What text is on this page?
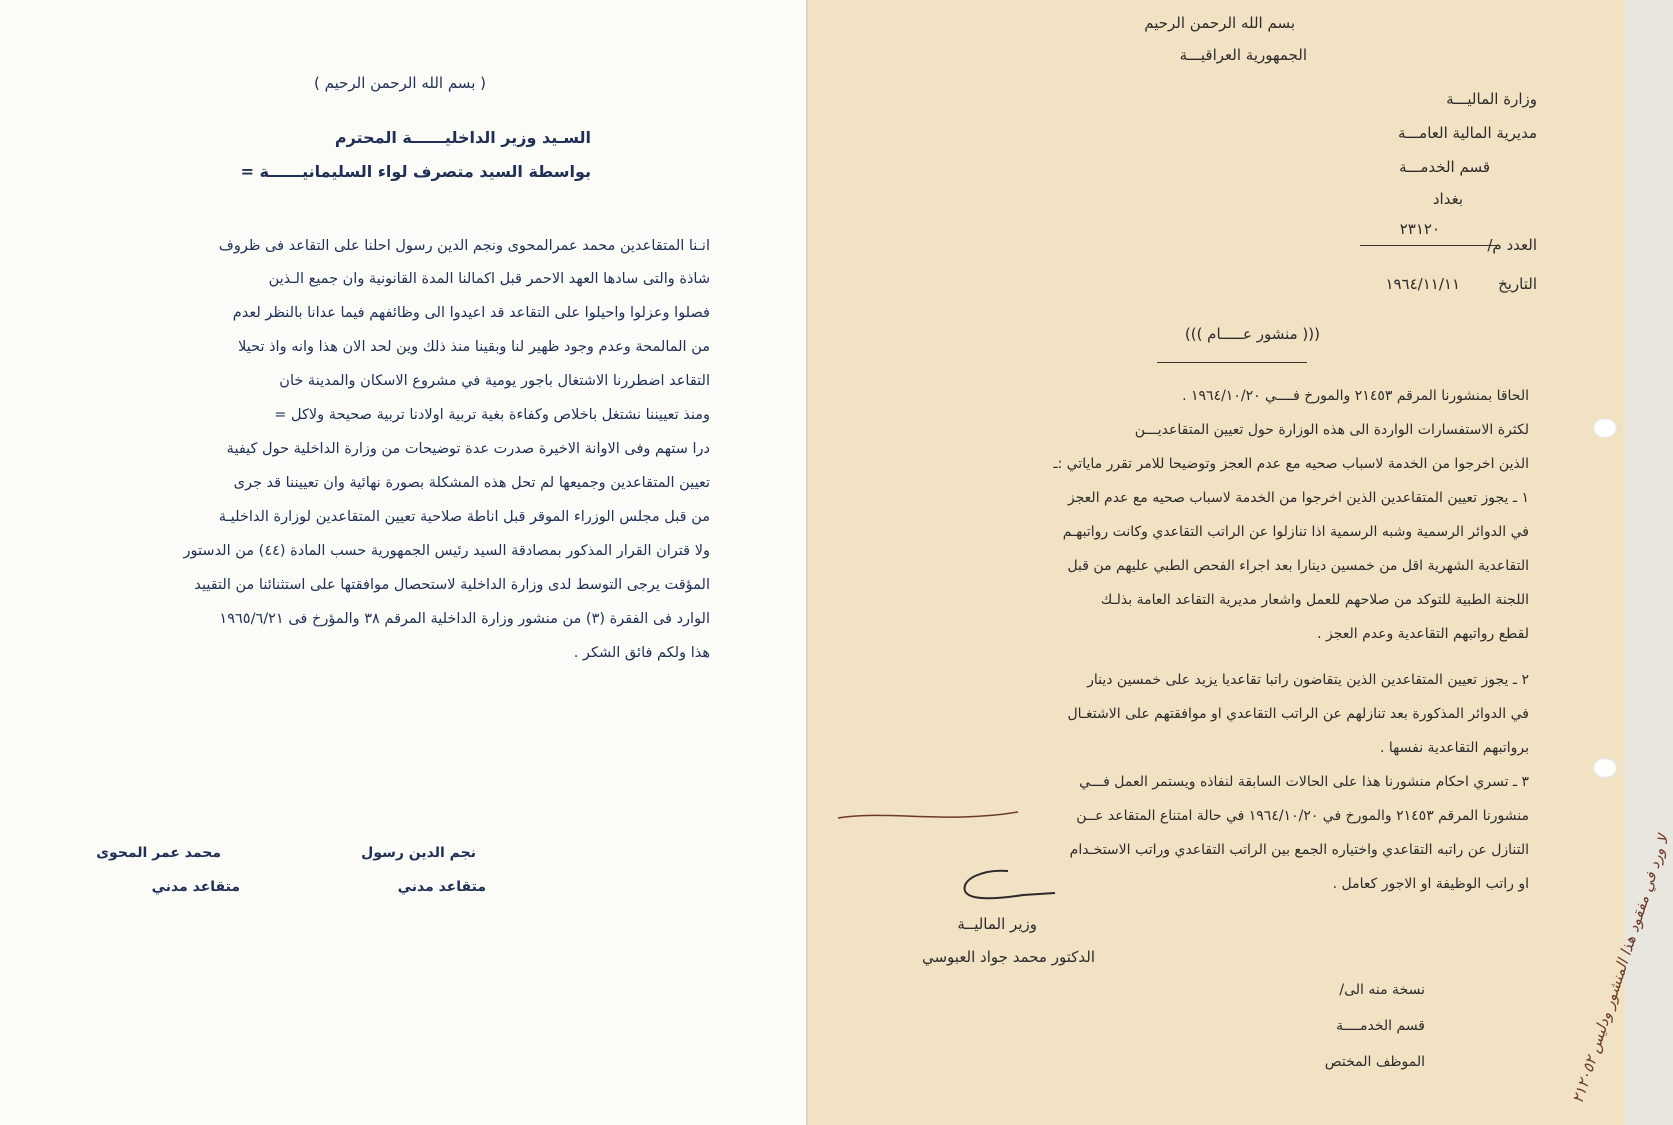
( بسم الله الرحمن الرحيم )
السـيد وزير الداخليــــــة المحترم
بواسطة السيد متصرف لواء السليمانيــــــة =
انـنا المتقاعدين محمد عمرالمحوى ونجم الدين رسول احلنا على التقاعد فى ظروف
شاذة والتى سادها العهد الاحمر قبل اكمالنا المدة القانونية وان جميع الـذين
فصلوا وعزلوا واحيلوا على التقاعد قد اعيدوا الى وظائفهم فيما عدانا بالنظر لعدم
من المالمحة وعدم وجود ظهير لنا وبقينا منذ ذلك وين لحد الان هذا وانه واذ تحيلا
التقاعد اضطررنا الاشتغال باجور يومية في مشروع الاسكان والمدينة خان
ومنذ تعييننا نشتغل باخلاص وكفاءة بغية تربية اولادنا تربية صحيحة ولاكل =
درا ستهم وفى الاوانة الاخيرة صدرت عدة توضيحات من وزارة الداخلية حول كيفية
تعيين المتقاعدين وجميعها لم تحل هذه المشكلة بصورة نهائية وان تعييننا قد جرى
من قبل مجلس الوزراء الموقر قبل اناطة صلاحية تعيين المتقاعدين لوزارة الداخليـة
ولا قتران القرار المذكور بمصادقة السيد رئيس الجمهورية حسب المادة (٤٤) من الدستور
المؤقت يرجى التوسط لدى وزارة الداخلية لاستحصال موافقتها على استثنائنا من التقييد
الوارد فى الفقرة (٣) من منشور وزارة الداخلية المرقم ٣٨ والمؤرخ فى ١٩٦٥/٦/٢١
هذا ولكم فائق الشكر .
نجم الدين رسول
متقاعد مدني
محمد عمر المحوى
متقاعد مدني
بسم الله الرحمن الرحيم
الجمهورية العراقيـــة
وزارة الماليـــة
مديرية المالية العامـــة
قسم الخدمـــة
بغداد
٢٣١٢٠
العدد م/
التاريخ
١٩٦٤/١١/١١
((( منشور عـــــام )))
الحاقا بمنشورنا المرقم ٢١٤٥٣ والمورخ فــــي ١٩٦٤/١٠/٢٠ .
لكثرة الاستفسارات الواردة الى هذه الوزارة حول تعيين المتقاعديـــن
الذين اخرجوا من الخدمة لاسباب صحيه مع عدم العجز وتوضيحا للامر تقرر ماياتي :ـ
١ ـ يجوز تعيين المتقاعدين الذين اخرجوا من الخدمة لاسباب صحيه مع عدم العجز
في الدوائر الرسمية وشبه الرسمية اذا تنازلوا عن الراتب التقاعدي وكانت رواتبهـم
التقاعدية الشهرية اقل من خمسين دينارا بعد اجراء الفحص الطبي عليهم من قبل
اللجنة الطبية للتوكد من صلاحهم للعمل واشعار مديرية التقاعد العامة بذلـك
لقطع رواتبهم التقاعدية وعدم العجز .
٢ ـ يجوز تعيين المتقاعدين الذين يتقاضون راتبا تقاعديا يزيد على خمسين دينار
في الدوائر المذكورة بعد تنازلهم عن الراتب التقاعدي او موافقتهم على الاشتغـال
برواتبهم التقاعدية نفسها .
٣ ـ تسري احكام منشورنا هذا على الحالات السابقة لنفاذه ويستمر العمل فـــي
منشورنا المرقم ٢١٤٥٣ والمورخ في ١٩٦٤/١٠/٢٠ في حالة امتناع المتقاعد عــن
التنازل عن راتبه التقاعدي واختياره الجمع بين الراتب التقاعدي وراتب الاستخـدام
او راتب الوظيفة او الاجور كعامل .
وزير الماليــة
الدكتور محمد جواد العبوسي
نسخة منه الى/
قسم الخدمــــة
الموظف المختص	لا ورد في مفقود هذا المنشور ودليس ٢١٢٠٥٢
